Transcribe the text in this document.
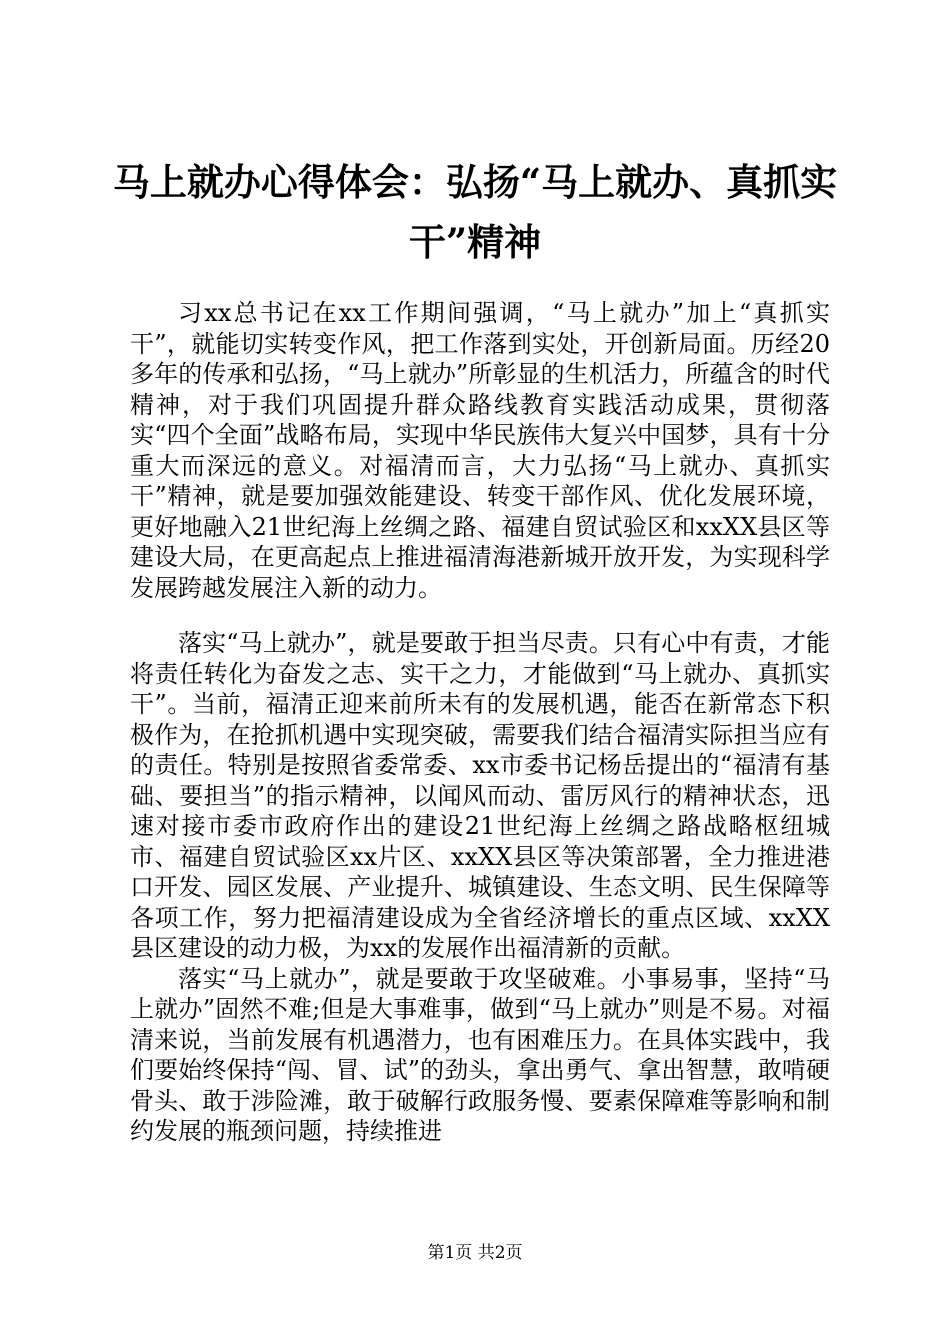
马上就办心得体会：弘扬“马上就办、真抓实
干”精神

习xx总书记在xx工作期间强调，“马上就办”加上“真抓实干”，就能切实转变作风，把工作落到实处，开创新局面。历经20多年的传承和弘扬，“马上就办”所彰显的生机活力，所蕴含的时代精神，对于我们巩固提升群众路线教育实践活动成果，贯彻落实“四个全面”战略布局，实现中华民族伟大复兴中国梦，具有十分重大而深远的意义。对福清而言，大力弘扬“马上就办、真抓实干”精神，就是要加强效能建设、转变干部作风、优化发展环境，更好地融入21世纪海上丝绸之路、福建自贸试验区和xxXX县区等建设大局，在更高起点上推进福清海港新城开放开发，为实现科学发展跨越发展注入新的动力。

落实“马上就办”，就是要敢于担当尽责。只有心中有责，才能将责任转化为奋发之志、实干之力，才能做到“马上就办、真抓实干”。当前，福清正迎来前所未有的发展机遇，能否在新常态下积极作为，在抢抓机遇中实现突破，需要我们结合福清实际担当应有的责任。特别是按照省委常委、xx市委书记杨岳提出的“福清有基础、要担当”的指示精神，以闻风而动、雷厉风行的精神状态，迅速对接市委市政府作出的建设21世纪海上丝绸之路战略枢纽城市、福建自贸试验区xx片区、xxXX县区等决策部署，全力推进港口开发、园区发展、产业提升、城镇建设、生态文明、民生保障等各项工作，努力把福清建设成为全省经济增长的重点区域、xxXX县区建设的动力极，为xx的发展作出福清新的贡献。

落实“马上就办”，就是要敢于攻坚破难。小事易事，坚持“马上就办”固然不难;但是大事难事，做到“马上就办”则是不易。对福清来说，当前发展有机遇潜力，也有困难压力。在具体实践中，我们要始终保持“闯、冒、试”的劲头，拿出勇气、拿出智慧，敢啃硬骨头、敢于涉险滩，敢于破解行政服务慢、要素保障难等影响和制约发展的瓶颈问题，持续推进

第1页 共2页
